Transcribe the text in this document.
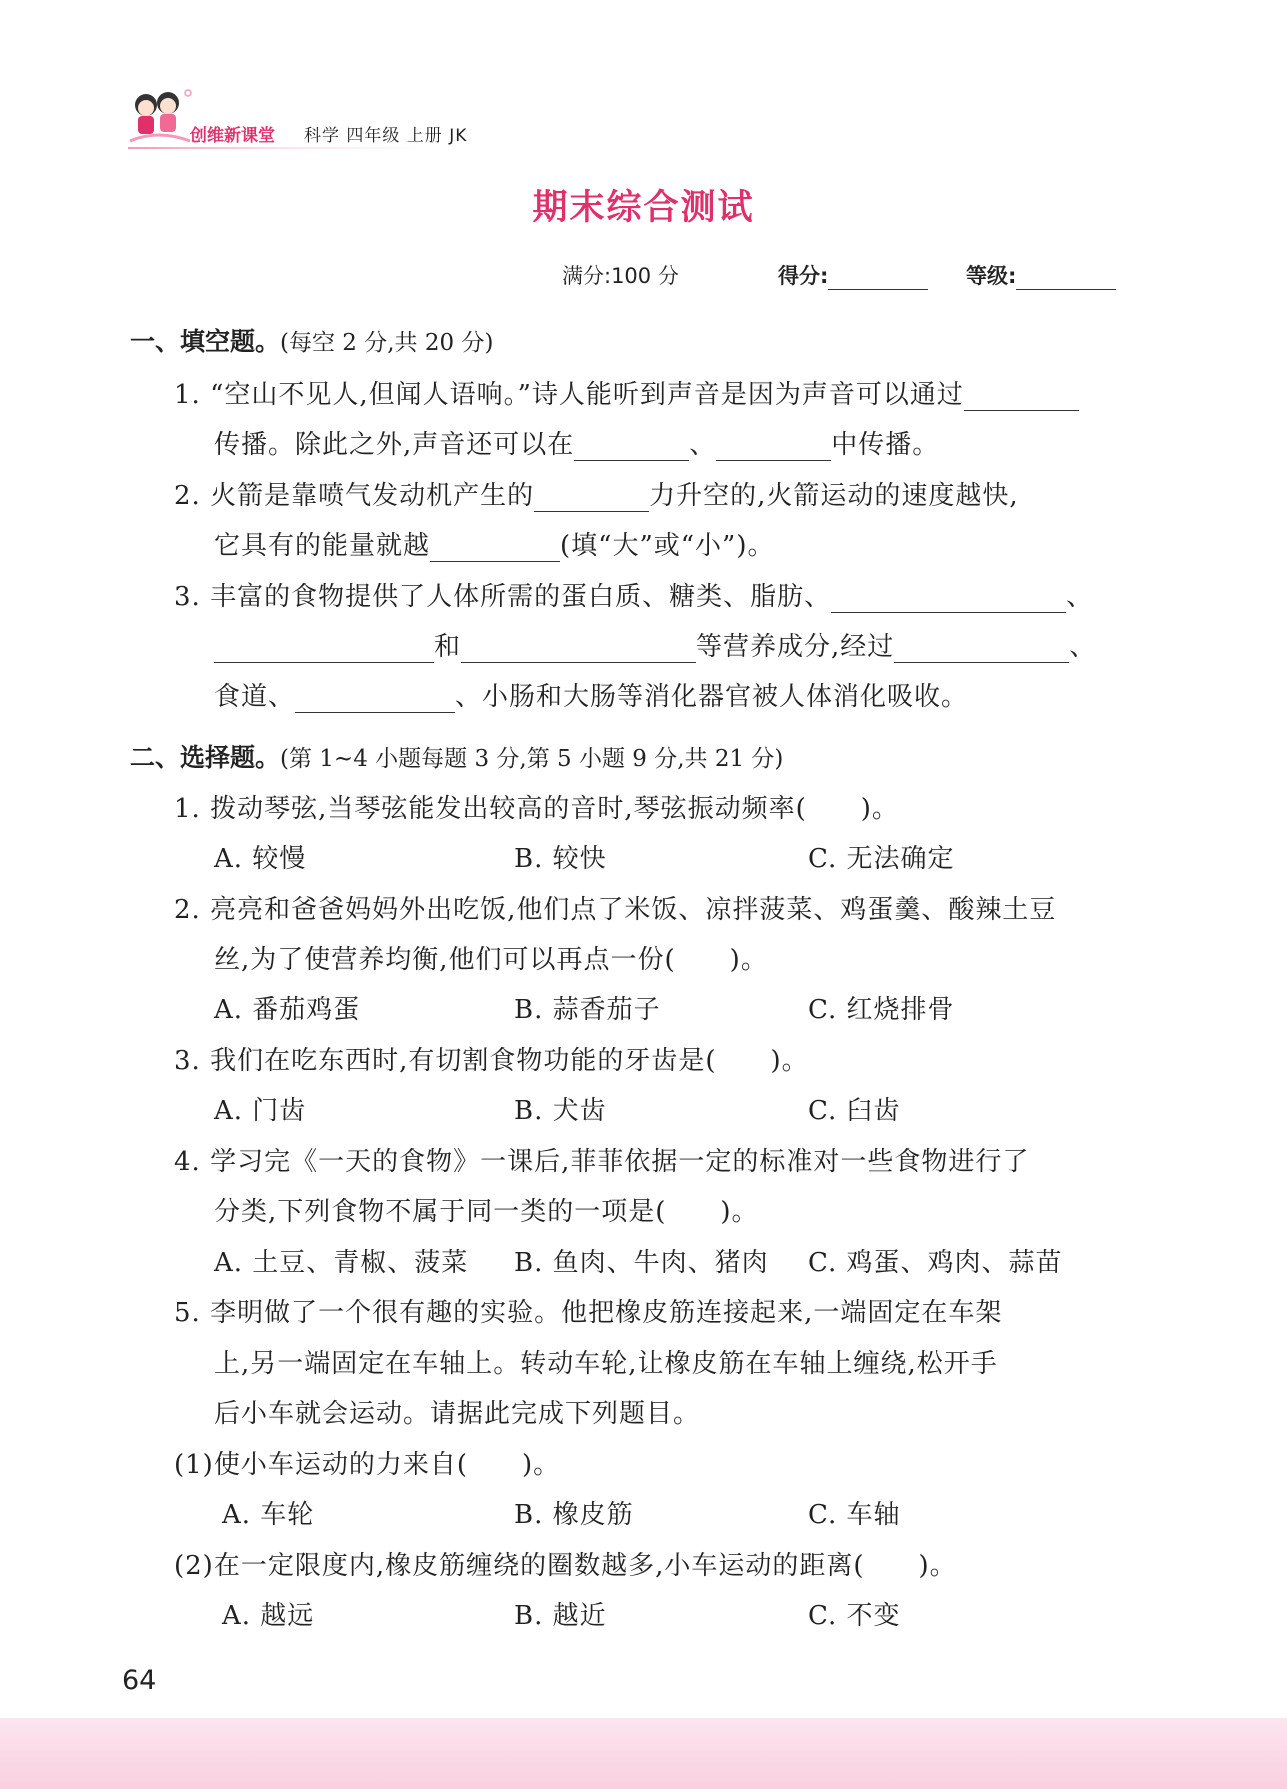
创维新课堂 科学 四年级 上册 JK
期末综合测试
满分:100 分	得分:	等级:
一、填空题。(每空 2 分,共 20 分)
1. “空山不见人,但闻人语响。”诗人能听到声音是因为声音可以通过
传播。除此之外,声音还可以在	、	中传播。
2. 火箭是靠喷气发动机产生的	力升空的,火箭运动的速度越快,
它具有的能量就越	(填“大”或“小”)。
3. 丰富的食物提供了人体所需的蛋白质、糖类、脂肪、	、
和	等营养成分,经过	、
食道、	、小肠和大肠等消化器官被人体消化吸收。
二、选择题。(第 1~4 小题每题 3 分,第 5 小题 9 分,共 21 分)
1. 拨动琴弦,当琴弦能发出较高的音时,琴弦振动频率(　　)。
A. 较慢	B. 较快	C. 无法确定
2. 亮亮和爸爸妈妈外出吃饭,他们点了米饭、凉拌菠菜、鸡蛋羹、酸辣土豆
丝,为了使营养均衡,他们可以再点一份(　　)。
A. 番茄鸡蛋	B. 蒜香茄子	C. 红烧排骨
3. 我们在吃东西时,有切割食物功能的牙齿是(　　)。
A. 门齿	B. 犬齿	C. 臼齿
4. 学习完《一天的食物》一课后,菲菲依据一定的标准对一些食物进行了
分类,下列食物不属于同一类的一项是(　　)。
A. 土豆、青椒、菠菜 B. 鱼肉、牛肉、猪肉 C. 鸡蛋、鸡肉、蒜苗
5. 李明做了一个很有趣的实验。他把橡皮筋连接起来,一端固定在车架
上,另一端固定在车轴上。转动车轮,让橡皮筋在车轴上缠绕,松开手
后小车就会运动。请据此完成下列题目。
(1)使小车运动的力来自(　　)。
A. 车轮	B. 橡皮筋	C. 车轴
(2)在一定限度内,橡皮筋缠绕的圈数越多,小车运动的距离(　　)。
A. 越远	B. 越近	C. 不变
64
